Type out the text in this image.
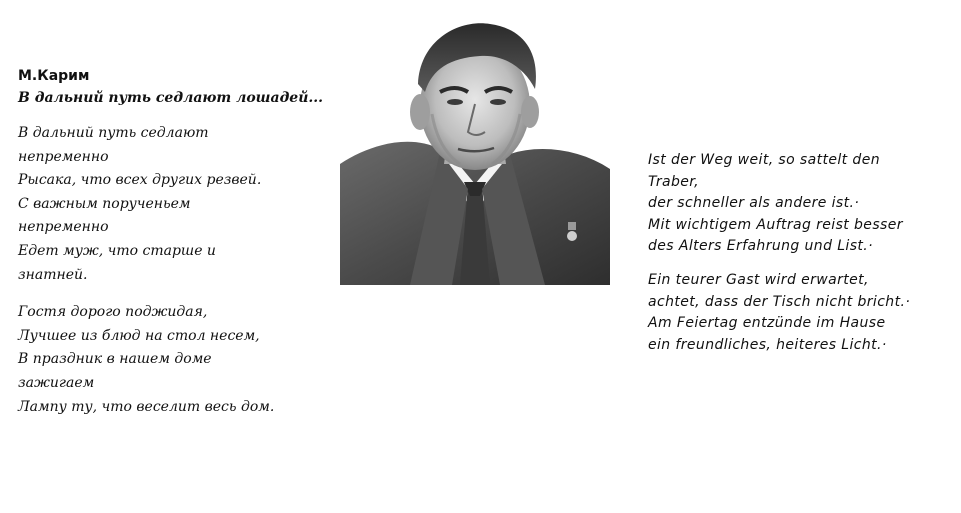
М.Карим

В дальний путь седлают лошадей...

В дальний путь седлают
непременно
Рысака, что всех других резвей.
С важным порученьем
непременно
Едет муж, что старше и
знатней.
Гостя дорого поджидая,
Лучшее из блюд на стол несем,
В праздник в нашем доме
зажигаем
Лампу ту, что веселит весь дом.
Ist der Weg weit, so sattelt den
Traber,
der schneller als andere ist.·
Mit wichtigem Auftrag reist besser
des Alters Erfahrung und List.·
Ein teurer Gast wird erwartet,
achtet, dass der Tisch nicht bricht.·
Am Feiertag entzünde im Hause
ein freundliches, heiteres Licht.·
